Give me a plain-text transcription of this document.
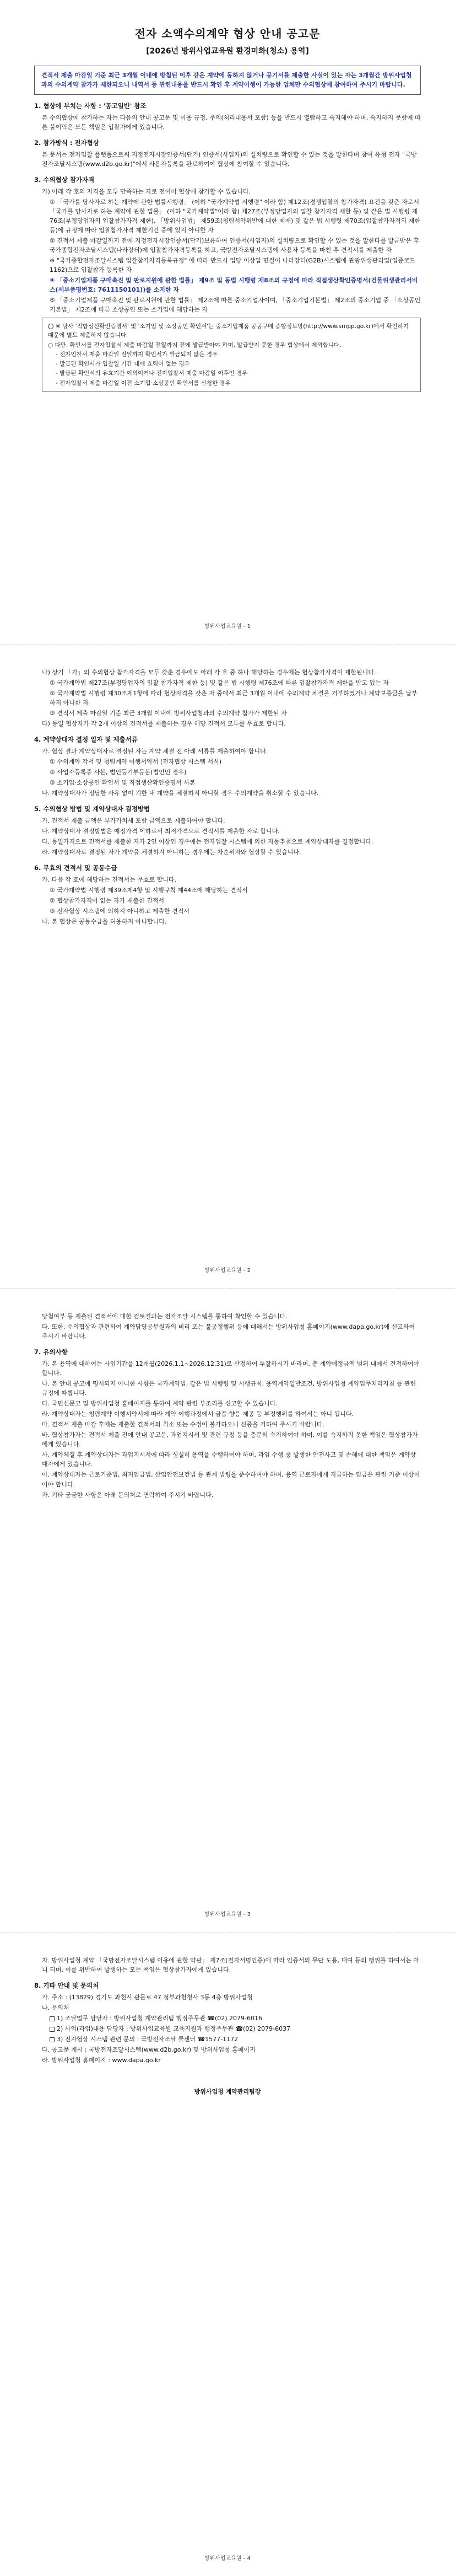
전자 소액수의계약 협상 안내 공고문
[2026년 방위사업교육원 환경미화(청소) 용역]
견적서 제출 마감일 기준 최근 3개월 이내에 방침된 이후 같은 계약에 동하지 않거나 공기서를 제출한 사실이 있는 자는 3개월간 방위사업청과의 수의계약 참가가 제한되오니 내역서 등 관련내용을 반드시 확인 후 계약이행이 가능한 업체만 수의협상에 참여하여 주시기 바랍니다.
1. 협상에 부치는 사항 : '공고일반' 참조

본 수의협상에 참가하는 자는 다음의 안내 공고문 및 이용 규정, 주의(처리내용서 포함) 등을 반드시 열람하고 숙지해야 하며, 숙지하지 못함에 따른 불이익은 모든 책임은 입찰자에게 있습니다.

2. 참가방식 : 전자협상

본 문서는 전자입찰 플랫폼으로써 지정전자시장인증서(단기) 인증서(사업자)의 설치량으로 확인할 수 있는 것을 말한다며 참여 유형 전자 "국방전자조달시스템(www.d2b.go.kr)"에서 사용자등록을 완료하여야 협상에 참여할 수 있습니다.

3. 수의협상 참가자격

가) 아래 각 호의 자격을 모두 만족하는 자로 전이미 협상에 참가할 수 있습니다.

① 「국가를 당사자로 하는 계약에 관한 법률시행령」 (이하 "국가계약법 시행령" 이라 함) 제12조(경쟁입찰의 참가자격) 요건을 갖춘 자로서 「국가를 당사자로 하는 계약에 관한 법률」 (이하 "국가계약법"이라 함) 제27조(부정당업자의 입찰 참가자격 제한 등) 및 같은 법 시행령 제76조(부정당업자의 입찰참가자격 제한), 「방위사업법」 제59조(청렴서약위반에 대한 제재) 및 같은 법 시행령 제70조(입찰참가자격의 제한 등)에 규정에 따라 입찰참가자격 제한기간 중에 있지 아니한 자

② 견적서 제출 마감일까지 전에 지정전자시장인증서(단기)보유하여 인증서(사업자)의 설치량으로 확인할 수 있는 것을 말한다를 발급받은 후 국가종합전자조달시스템(나라장터)에 입찰참가자격등록을 하고, 국방전자조달시스템에 사용자 등록을 마친 후 견적서를 제출한 자

※ "국가종합전자조달시스템 입찰참가자격등록규정" 에 따라 반드시 업당 이상업 면질이 나라장터(G2B)시스템에 관광위생관리업(업종코드 1162)으로 입찰참가 등록한 자

④ 「중소기업제품 구매촉진 및 판로지원에 관한 법률」 제9조 및 동법 시행령 제8조의 규정에 따라 직접생산확인증명서(건물위생관리서비스(세부품명번호: 7611150101))를 소지한 자

⑤ 「중소기업제품 구매촉진 및 판로지원에 관한 법률」 제2조에 따른 중소기업자이며, 「중소기업기본법」 제2조의 중소기업 중 「소상공인기본법」 제2조에 따른 소상공인 또는 소기업에 해당하는 자

※ 당사 '적합성신확인증명서' 및 '소기업 및 소상공인 확인서'는 중소기업제품 공공구매 종합정보망(http://www.smpp.go.kr)에서 확인하기 때문에 별도 제출하지 않습니다.

○ 다만, 확인서를 전자입찰서 제출 마감일 전일까지 전에 발급받아야 하며, 발급받지 못한 경우 협상에서 제외합니다.

- 전자입찰서 제출 마감일 전일까지 확인서가 발급되지 않은 경우

- 발급된 확인서가 입찰일 기간 내에 효력이 없는 경우

- 발급된 확인서의 유효기간 이외이거나 전자입찰서 제출 마감일 이후인 경우

- 전자입찰서 제출 마감일 이전 소기업·소상공인 확인서를 신청한 경우

방위사업교육원 - 1

나) 상기 「가」의 수의협상 참가자격을 모두 갖춘 경우에도 아래 각 호 중 하나 해당하는 경우에는 협상참가자격이 제한됩니다.

① 국가계약법 제27조(부정당업자의 입찰 참가자격 제한 등) 및 같은 법 시행령 제76조에 따른 입찰참가자격 제한을 받고 있는 자

② 국가계약법 시행령 제30조제1항에 따라 협상자격을 갖춘 자 중에서 최근 3개월 이내에 수의계약 체결을 거부하였거나 계약보증금을 납부하지 아니한 자

③ 견적서 제출 마감일 기준 최근 3개월 이내에 방위사업청과의 수의계약 참가가 제한된 자

다) 동일 협상자가 각 2개 이상의 견적서를 제출하는 경우 해당 견적서 모두를 무효로 합니다.

4. 계약상대자 결정 일자 및 제출서류

가. 협상 결과 계약상대자로 결정된 자는 계약 체결 전 아래 서류를 제출하여야 합니다.

① 수의계약 각서 및 청렴계약 이행서약서 (전자협상 시스템 서식)

② 사업자등록증 사본, 법인등기부등본(법인인 경우)

③ 소기업·소상공인 확인서 및 직접생산확인증명서 사본

나. 계약상대자가 정당한 사유 없이 기한 내 계약을 체결하지 아니할 경우 수의계약을 취소할 수 있습니다.

5. 수의협상 방법 및 계약상대자 결정방법

가. 견적서 제출 금액은 부가가치세 포함 금액으로 제출하여야 합니다.

나. 계약상대자 결정방법은 예정가격 이하로서 최저가격으로 견적서를 제출한 자로 합니다.

다. 동일가격으로 견적서를 제출한 자가 2인 이상인 경우에는 전자입찰 시스템에 의한 자동추첨으로 계약상대자를 결정합니다.

라. 계약상대자로 결정된 자가 계약을 체결하지 아니하는 경우에는 차순위자와 협상할 수 있습니다.

6. 무효의 견적서 및 공동수급

가. 다음 각 호에 해당하는 견적서는 무효로 합니다.

① 국가계약법 시행령 제39조제4항 및 시행규칙 제44조에 해당하는 견적서

② 협상참가자격이 없는 자가 제출한 견적서

③ 전자협상 시스템에 의하지 아니하고 제출한 견적서

나. 본 협상은 공동수급을 허용하지 아니합니다.

방위사업교육원 - 2

당첨여부 등 제출된 견적서에 대한 검토결과는 전자조달 시스템을 통하여 확인할 수 있습니다.

다. 또한, 수의협상과 관련하여 계약담당공무원과의 비리 또는 불공정행위 등에 대해서는 방위사업청 홈페이지(www.dapa.go.kr)에 신고하여 주시기 바랍니다.

7. 유의사항

가. 본 용역에 대하여는 사업기간을 12개월(2026.1.1~2026.12.31)로 산정하여 투찰하시기 바라며, 총 계약예정금액 범위 내에서 견적하여야 합니다.

나. 본 안내 공고에 명시되지 아니한 사항은 국가계약법, 같은 법 시행령 및 시행규칙, 용역계약일반조건, 방위사업청 계약업무처리지침 등 관련 규정에 따릅니다.

다. 국민신문고 및 방위사업청 홈페이지를 통하여 계약 관련 부조리를 신고할 수 있습니다.

라. 계약상대자는 청렴계약 이행서약서에 따라 계약 이행과정에서 금품·향응 제공 등 부정행위를 하여서는 아니 됩니다.

마. 견적서 제출 마감 후에는 제출한 견적서의 취소 또는 수정이 불가하오니 신중을 기하여 주시기 바랍니다.

바. 협상참가자는 견적서 제출 전에 안내 공고문, 과업지시서 및 관련 규정 등을 충분히 숙지하여야 하며, 이를 숙지하지 못한 책임은 협상참가자에게 있습니다.

사. 계약체결 후 계약상대자는 과업지시서에 따라 성실히 용역을 수행하여야 하며, 과업 수행 중 발생한 안전사고 및 손해에 대한 책임은 계약상대자에게 있습니다.

아. 계약상대자는 근로기준법, 최저임금법, 산업안전보건법 등 관계 법령을 준수하여야 하며, 용역 근로자에게 지급하는 임금은 관련 기준 이상이어야 합니다.

자. 기타 궁금한 사항은 아래 문의처로 연락하여 주시기 바랍니다.

방위사업교육원 - 3

차. 방위사업청 계약 「국방전자조달시스템 이용에 관한 약관」 제7조(전자서명인증)에 따라 인증서의 무단 도용, 대여 등의 행위를 하여서는 아니 되며, 이를 위반하여 발생하는 모든 책임은 협상참가자에게 있습니다.

8. 기타 안내 및 문의처

가. 주소 : (13829) 경기도 과천시 관문로 47 정부과천청사 3동 4층 방위사업청

나. 문의처

1) 조달업무 담당자 : 방위사업청 계약관리팀 행정주무관 ☎(02) 2079-6016

2) 사업(과업)내용 담당자 : 방위사업교육원 교육지원과 행정주무관 ☎(02) 2079-6037

3) 전자협상 시스템 관련 문의 : 국방전자조달 콜센터 ☎1577-1172

다. 공고문 게시 : 국방전자조달시스템(www.d2b.go.kr) 및 방위사업청 홈페이지

라. 방위사업청 홈페이지 : www.dapa.go.kr

방위사업청 계약관리팀장

방위사업교육원 - 4
